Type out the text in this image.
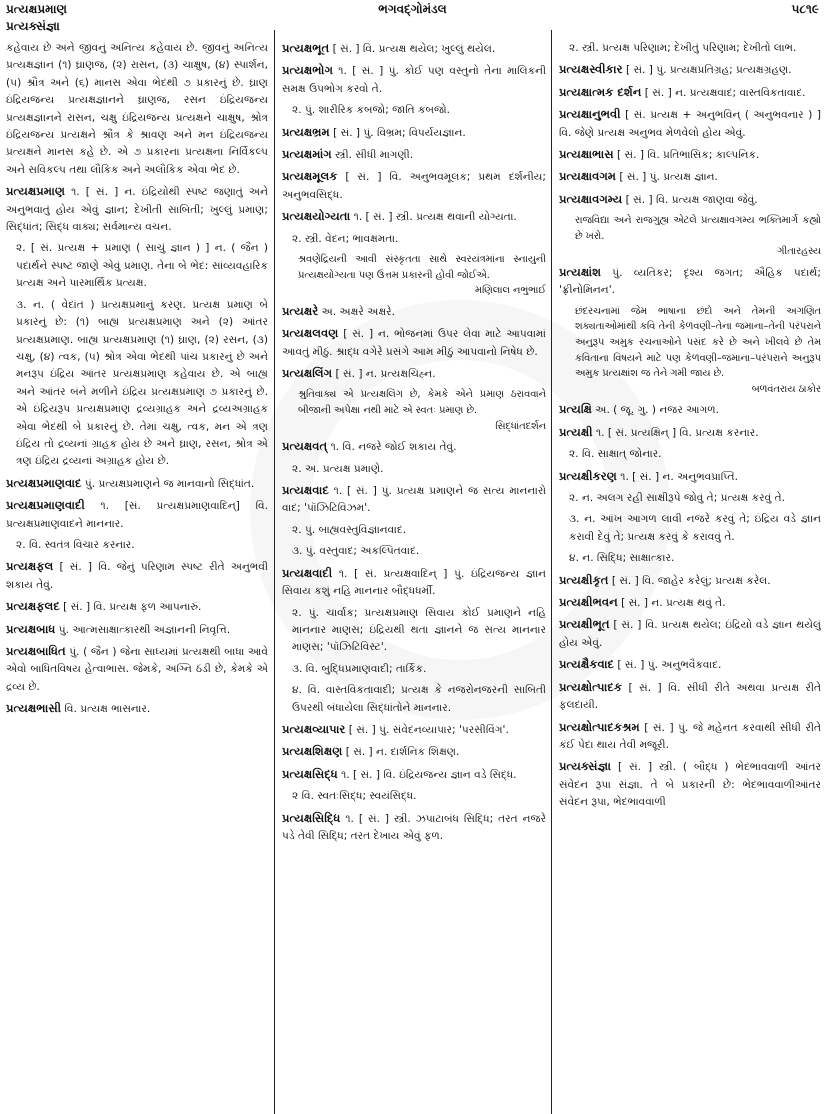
પ્રત્યક્ષપ્રમાણ
પ્રત્યક્સંજ્ઞા
ભગવદ્ગોમંડલ	૫૮૧૯
કહેવાય છે અને જીવનું અનિત્ય કહેવાય છે. જીવનું અનિત્ય પ્રત્યક્ષજ્ઞાન (૧) ઘ્રાણજ, (૨) રાસન, (૩) ચાક્ષુષ, (૪) સ્પાર્શન, (૫) શ્રૌત્ર અને (૬) માનસ એવા ભેદથી ૭ પ્રકારનું છે. ઘ્રાણ ઇંદ્રિયજન્ય પ્રત્યક્ષજ્ઞાનને ઘ્રાણજ, રસન ઇંદ્રિયજન્ય પ્રત્યક્ષજ્ઞાનને રાસન, ચક્ષુ ઇંદ્રિયજન્ય પ્રત્યક્ષને ચાક્ષુષ, શ્રોત્ર ઇંદ્રિયજન્ય પ્રત્યક્ષને શ્રૌત્ર કે શ્રાવણ અને મન ઇંદ્રિયજન્ય પ્રત્યક્ષને માનસ કહે છે. એ ૭ પ્રકારના પ્રત્યક્ષના નિર્વિકલ્પ અને સવિકલ્પ તથા લૌકિક અને અલૌકિક એવા ભેદ છે.
પ્રત્યક્ષપ્રમાણ ૧. [ સં. ] ન. ઇંદ્રિયોથી સ્પષ્ટ જણાતું અને અનુભવાતું હોય એવું જ્ઞાન; દેખીતી સાબિતી; ખુલ્લું પ્રમાણ; સિદ્ધાંત; સિદ્ધ વાક્ય; સર્વમાન્ય વચન.
૨. [ સં. પ્રત્યક્ષ + પ્રમાણ ( સાચું જ્ઞાન ) ] ન. ( જૈન ) પદાર્થને સ્પષ્ટ જાણે એવું પ્રમાણ. તેના બે ભેદ: સાંવ્યવહારિક પ્રત્યક્ષ અને પારમાર્થિક પ્રત્યક્ષ.
૩. ન. ( વેદાંત ) પ્રત્યક્ષપ્રમાનું કરણ. પ્રત્યક્ષ પ્રમાણ બે પ્રકારનું છે: (૧) બાહ્ય પ્રત્યક્ષપ્રમાણ અને (૨) આંતર પ્રત્યક્ષપ્રમાણ. બાહ્ય પ્રત્યક્ષપ્રમાણ (૧) ઘ્રાણ, (૨) રસન, (૩) ચક્ષુ, (૪) ત્વક, (૫) શ્રોત્ર એવા ભેદથી પાંચ પ્રકારનું છે અને મનરૂપ ઇંદ્રિય આંતર પ્રત્યક્ષપ્રમાણ કહેવાય છે. એ બાહ્ય અને આંતર બંને મળીને ઇંદ્રિય પ્રત્યક્ષપ્રમાણ ૭ પ્રકારનું છે. એ ઇંદ્રિયરૂપ પ્રત્યક્ષપ્રમાણ દ્રવ્યગ્રાહક અને દ્રવ્યઅગ્રાહક એવા ભેદથી બે પ્રકારનું છે. તેમાં ચક્ષુ, ત્વક, મન એ ત્રણ ઇંદ્રિય તો દ્રવ્યનાં ગ્રાહક હોય છે અને ઘ્રાણ, રસન, શ્રોત્ર એ ત્રણ ઇંદ્રિય દ્રવ્યનાં અગ્રાહક હોય છે.
પ્રત્યક્ષપ્રમાણવાદ પું. પ્રત્યક્ષપ્રમાણને જ માનવાનો સિદ્ધાંત.
પ્રત્યક્ષપ્રમાણવાદી ૧. [સં. પ્રત્યક્ષપ્રમાણવાદિન્] વિ. પ્રત્યક્ષપ્રમાણવાદને માનનાર.
૨. વિ. સ્વતંત્ર વિચાર કરનાર.
પ્રત્યક્ષફલ [ સં. ] વિ. જેનું પરિણામ સ્પષ્ટ રીતે અનુભવી શકાય તેવું.
પ્રત્યક્ષફલદ [ સં. ] વિ. પ્રત્યક્ષ ફળ આપનારું.
પ્રત્યક્ષબાધ પું. આત્મસાક્ષાત્કારથી અજ્ઞાનની નિવૃત્તિ.
પ્રત્યક્ષબાધિત પું. ( જૈન ) જેના સાધ્યમાં પ્રત્યક્ષથી બાધા આવે એવો બાધિતવિષય હેત્વાભાસ. જેમકે, અગ્નિ ઠંડી છે, કેમકે એ દ્રવ્ય છે.
પ્રત્યક્ષભાસી વિ. પ્રત્યક્ષ ભાસનાર.
પ્રત્યક્ષભૂત [ સં. ] વિ. પ્રત્યક્ષ થયેલ; ખુલ્લું થયેલ.
પ્રત્યક્ષભોગ ૧. [ સં. ] પું. કોઈ પણ વસ્તુનો તેના માલિકની સમક્ષ ઉપભોગ કરવો તે.
૨. પું. શારીરિક કબજો; જાતિ કબજો.
પ્રત્યક્ષભ્રમ [ સં. ] પું. વિભ્રમ; વિપર્યયજ્ઞાન.
પ્રત્યક્ષમાંગ સ્ત્રી. સીધી માગણી.
પ્રત્યક્ષમૂલક [ સં. ] વિ. અનુભવમૂલક; પ્રથમ દર્શનીય; અનુભવસિદ્ધ.
પ્રત્યક્ષયોગ્યતા ૧. [ સં. ] સ્ત્રી. પ્રત્યક્ષ થવાની યોગ્યતા.
૨. સ્ત્રી. વેદન; ભાવક્ષમતા.
શ્રવણેંદ્રિયની આવી સંસ્કૃતતા સાથે સ્વરયંત્રમાંના સ્નાયુની પ્રત્યક્ષયોગ્યતા પણ ઉત્તમ પ્રકારની હોવી જોઈએ.
મણિલાલ નભુભાઈ
પ્રત્યક્ષરે અ. અક્ષરે અક્ષરે.
પ્રત્યક્ષલવણ [ સં. ] ન. ભોજનમાં ઉપર લેવા માટે આપવામાં આવતું મીઠું. શ્રાદ્ધ વગેરે પ્રસંગે આમ મીઠું આપવાનો નિષેધ છે.
પ્રત્યક્ષલિંગ [ સં. ] ન. પ્રત્યક્ષચિહ્ન.
શ્રુતિવાક્ય એ પ્રત્યક્ષલિંગ છે, કેમકે એને પ્રમાણ ઠરાવવાને બીજાની અપેક્ષા નથી માટે એ સ્વતઃ પ્રમાણ છે.
સિદ્ધાંતદર્શન
પ્રત્યક્ષવત્ ૧. વિ. નજરે જોઈ શકાય તેવું.
૨. અ. પ્રત્યક્ષ પ્રમાણે.
પ્રત્યક્ષવાદ ૧. [ સં. ] પું. પ્રત્યક્ષ પ્રમાણને જ સત્ય માનનારો વાદ; 'પૉઝિટિવિઝમ'.
૨. પું. બાહ્યવસ્તુવિજ્ઞાનવાદ.
૩. પું. વસ્તુવાદ; અકલ્પિતવાદ.
પ્રત્યક્ષવાદી ૧. [ સં. પ્રત્યક્ષવાદિન્ ] પું. ઇંદ્રિયજન્ય જ્ઞાન સિવાય કશું નહિ માનનાર બૌદ્ધધર્મી.
૨. પું. ચાર્વાક; પ્રત્યક્ષપ્રમાણ સિવાય કોઈ પ્રમાણને નહિ માનનાર માણસ; ઇંદ્રિયથી થતા જ્ઞાનને જ સત્ય માનનાર માણસ; 'પૉઝિટિવિસ્ટ'.
૩. વિ. બુદ્ધિપ્રમાણવાદી; તાર્કિક.
૪. વિ. વાસ્તવિકતાવાદી; પ્રત્યક્ષ કે નજરોનજરની સાબિતી ઉપરથી બંધાયેલા સિદ્ધાંતોને માનનાર.
પ્રત્યક્ષવ્યાપાર [ સં. ] પું. સંવેદનવ્યાપાર; 'પરસીવિંગ'.
પ્રત્યક્ષશિક્ષણ [ સં. ] ન. દાર્શનિક શિક્ષણ.
પ્રત્યક્ષસિદ્ધ ૧. [ સં. ] વિ. ઇંદ્રિયજન્ય જ્ઞાન વડે સિદ્ધ.
૨ વિ. સ્વતઃસિદ્ધ; સ્વયંસિદ્ધ.
પ્રત્યક્ષસિદ્ધિ ૧. [ સં. ] સ્ત્રી. ઝપાટાબંધ સિદ્ધિ; તરત નજરે પડે તેવી સિદ્ધિ; તરત દેખાય એવું ફળ.
૨. સ્ત્રી. પ્રત્યક્ષ પરિણામ; દેખીતું પરિણામ; દેખીતો લાભ.
પ્રત્યક્ષસ્વીકાર [ સં. ] પું. પ્રત્યક્ષપ્રતિગ્રહ; પ્રત્યક્ષગ્રહણ.
પ્રત્યક્ષાત્મક દર્શન [ સં. ] ન. પ્રત્યક્ષવાદ; વાસ્તવિકતાવાદ.
પ્રત્યક્ષાનુભવી [ સં. પ્રત્યક્ષ + અનુભવિન્ ( અનુભવનાર ) ] વિ. જેણે પ્રત્યક્ષ અનુભવ મેળવેલો હોય એવું.
પ્રત્યક્ષાભાસ [ સં. ] વિ. પ્રતિભાસિક; કાલ્પનિક.
પ્રત્યક્ષાવગમ [ સં. ] પું. પ્રત્યક્ષ જ્ઞાન.
પ્રત્યક્ષાવગમ્ય [ સં. ] વિ. પ્રત્યક્ષ જાણવા જેવું.
રાજવિદ્યા અને રાજગુહ્ય એટલે પ્રત્યક્ષાવગમ્ય ભક્તિમાર્ગ કહ્યો છે ખરો.
ગીતારહસ્ય
પ્રત્યક્ષાંશ પું. વ્યતિકર; દૃશ્ય જગત; ઐહિક પદાર્થ; 'ફ્રીનોમિનન'.
છંદરચનામાં જેમ ભાષાના છંદો અને તેમની અગણિત શક્યતાઓમાંથી કવિ તેની કેળવણી–તેના જમાના–તેની પરંપરાને અનુરૂપ અમુક રચનાઓને પસંદ કરે છે અને ખીલવે છે તેમ કવિતાના વિષયને માટે પણ કેળવણી–જમાના–પરંપરાને અનુરૂપ અમુક પ્રત્યક્ષાંશ જ તેને ગમી જાય છે.
બળવંતરાય ઠાકોર
પ્રત્યક્ષિ અ. ( જૂ. ગુ. ) નજર આગળ.
પ્રત્યક્ષી ૧. [ સં. પ્રત્યક્ષિન્ ] વિ. પ્રત્યક્ષ કરનાર.
૨. વિ. સાક્ષાત્ જોનાર.
પ્રત્યક્ષીકરણ ૧. [ સં. ] ન. અનુભવપ્રાપ્તિ.
૨. ન. અલગ રહી સાક્ષીરૂપે જોવું તે; પ્રત્યક્ષ કરવું તે.
૩. ન. આંખ આગળ લાવી નજરે કરવું તે; ઇંદ્રિય વડે જ્ઞાન કરાવી દેવું તે; પ્રત્યક્ષ કરવું કે કરાવવું તે.
૪. ન. સિદ્ધિ; સાક્ષાત્કાર.
પ્રત્યક્ષીકૃત [ સં. ] વિ. જાહેર કરેલું; પ્રત્યક્ષ કરેલ.
પ્રત્યક્ષીભવન [ સં. ] ન. પ્રત્યક્ષ થવું તે.
પ્રત્યક્ષીભૂત [ સં. ] વિ. પ્રત્યક્ષ થયેલ; ઇંદ્રિયો વડે જ્ઞાન થયેલું હોય એવું.
પ્રત્યક્ષૈકવાદ [ સં. ] પું. અનુભવૈકવાદ.
પ્રત્યક્ષોત્પાદક [ સં. ] વિ. સીધી રીતે અથવા પ્રત્યક્ષ રીતે ફલદાયી.
પ્રત્યક્ષોત્પાદકશ્રમ [ સં. ] પું. જે મહેનત કરવાથી સીધી રીતે કંઈ પેદા થાય તેવી મજૂરી.
પ્રત્યક્સંજ્ઞા [ સં. ] સ્ત્રી. ( બૌદ્ધ ) ભેદભાવવાળી આંતર સંવેદન રૂપા સંજ્ઞા. તે બે પ્રકારની છે: ભેદભાવવાળીઆંતર સંવેદન રૂપા, ભેદભાવવાળી
